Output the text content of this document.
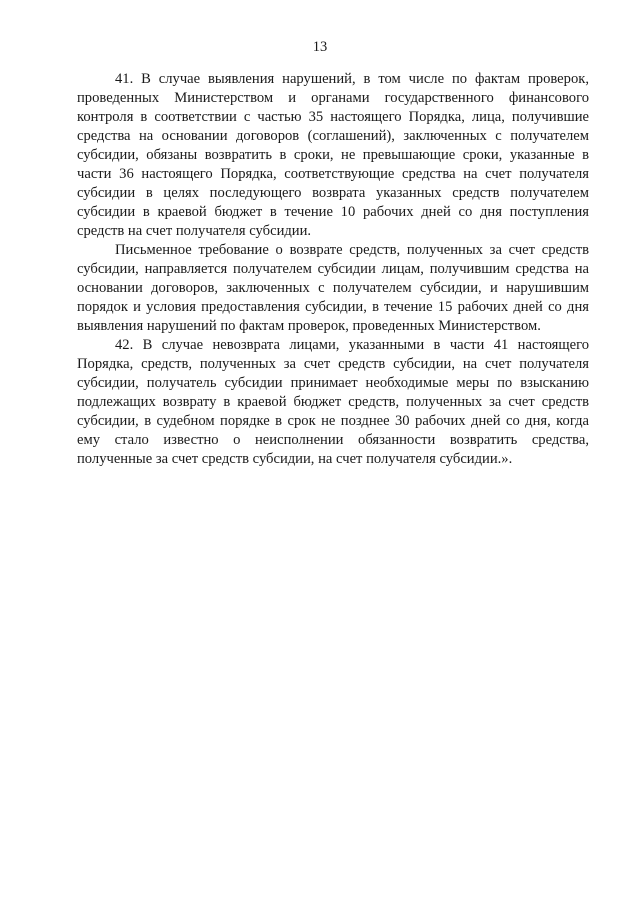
13

41. В случае выявления нарушений, в том числе по фактам проверок, проведенных Министерством и органами государственного финансового контроля в соответствии с частью 35 настоящего Порядка, лица, получившие средства на основании договоров (соглашений), заключенных с получателем субсидии, обязаны возвратить в сроки, не превышающие сроки, указанные в части 36 настоящего Порядка, соответствующие средства на счет получателя субсидии в целях последующего возврата указанных средств получателем субсидии в краевой бюджет в течение 10 рабочих дней со дня поступления средств на счет получателя субсидии.

Письменное требование о возврате средств, полученных за счет средств субсидии, направляется получателем субсидии лицам, получившим средства на основании договоров, заключенных с получателем субсидии, и нарушившим порядок и условия предоставления субсидии, в течение 15 рабочих дней со дня выявления нарушений по фактам проверок, проведенных Министерством.

42. В случае невозврата лицами, указанными в части 41 настоящего Порядка, средств, полученных за счет средств субсидии, на счет получателя субсидии, получатель субсидии принимает необходимые меры по взысканию подлежащих возврату в краевой бюджет средств, полученных за счет средств субсидии, в судебном порядке в срок не позднее 30 рабочих дней со дня, когда ему стало известно о неисполнении обязанности возвратить средства, полученные за счет средств субсидии, на счет получателя субсидии.».
